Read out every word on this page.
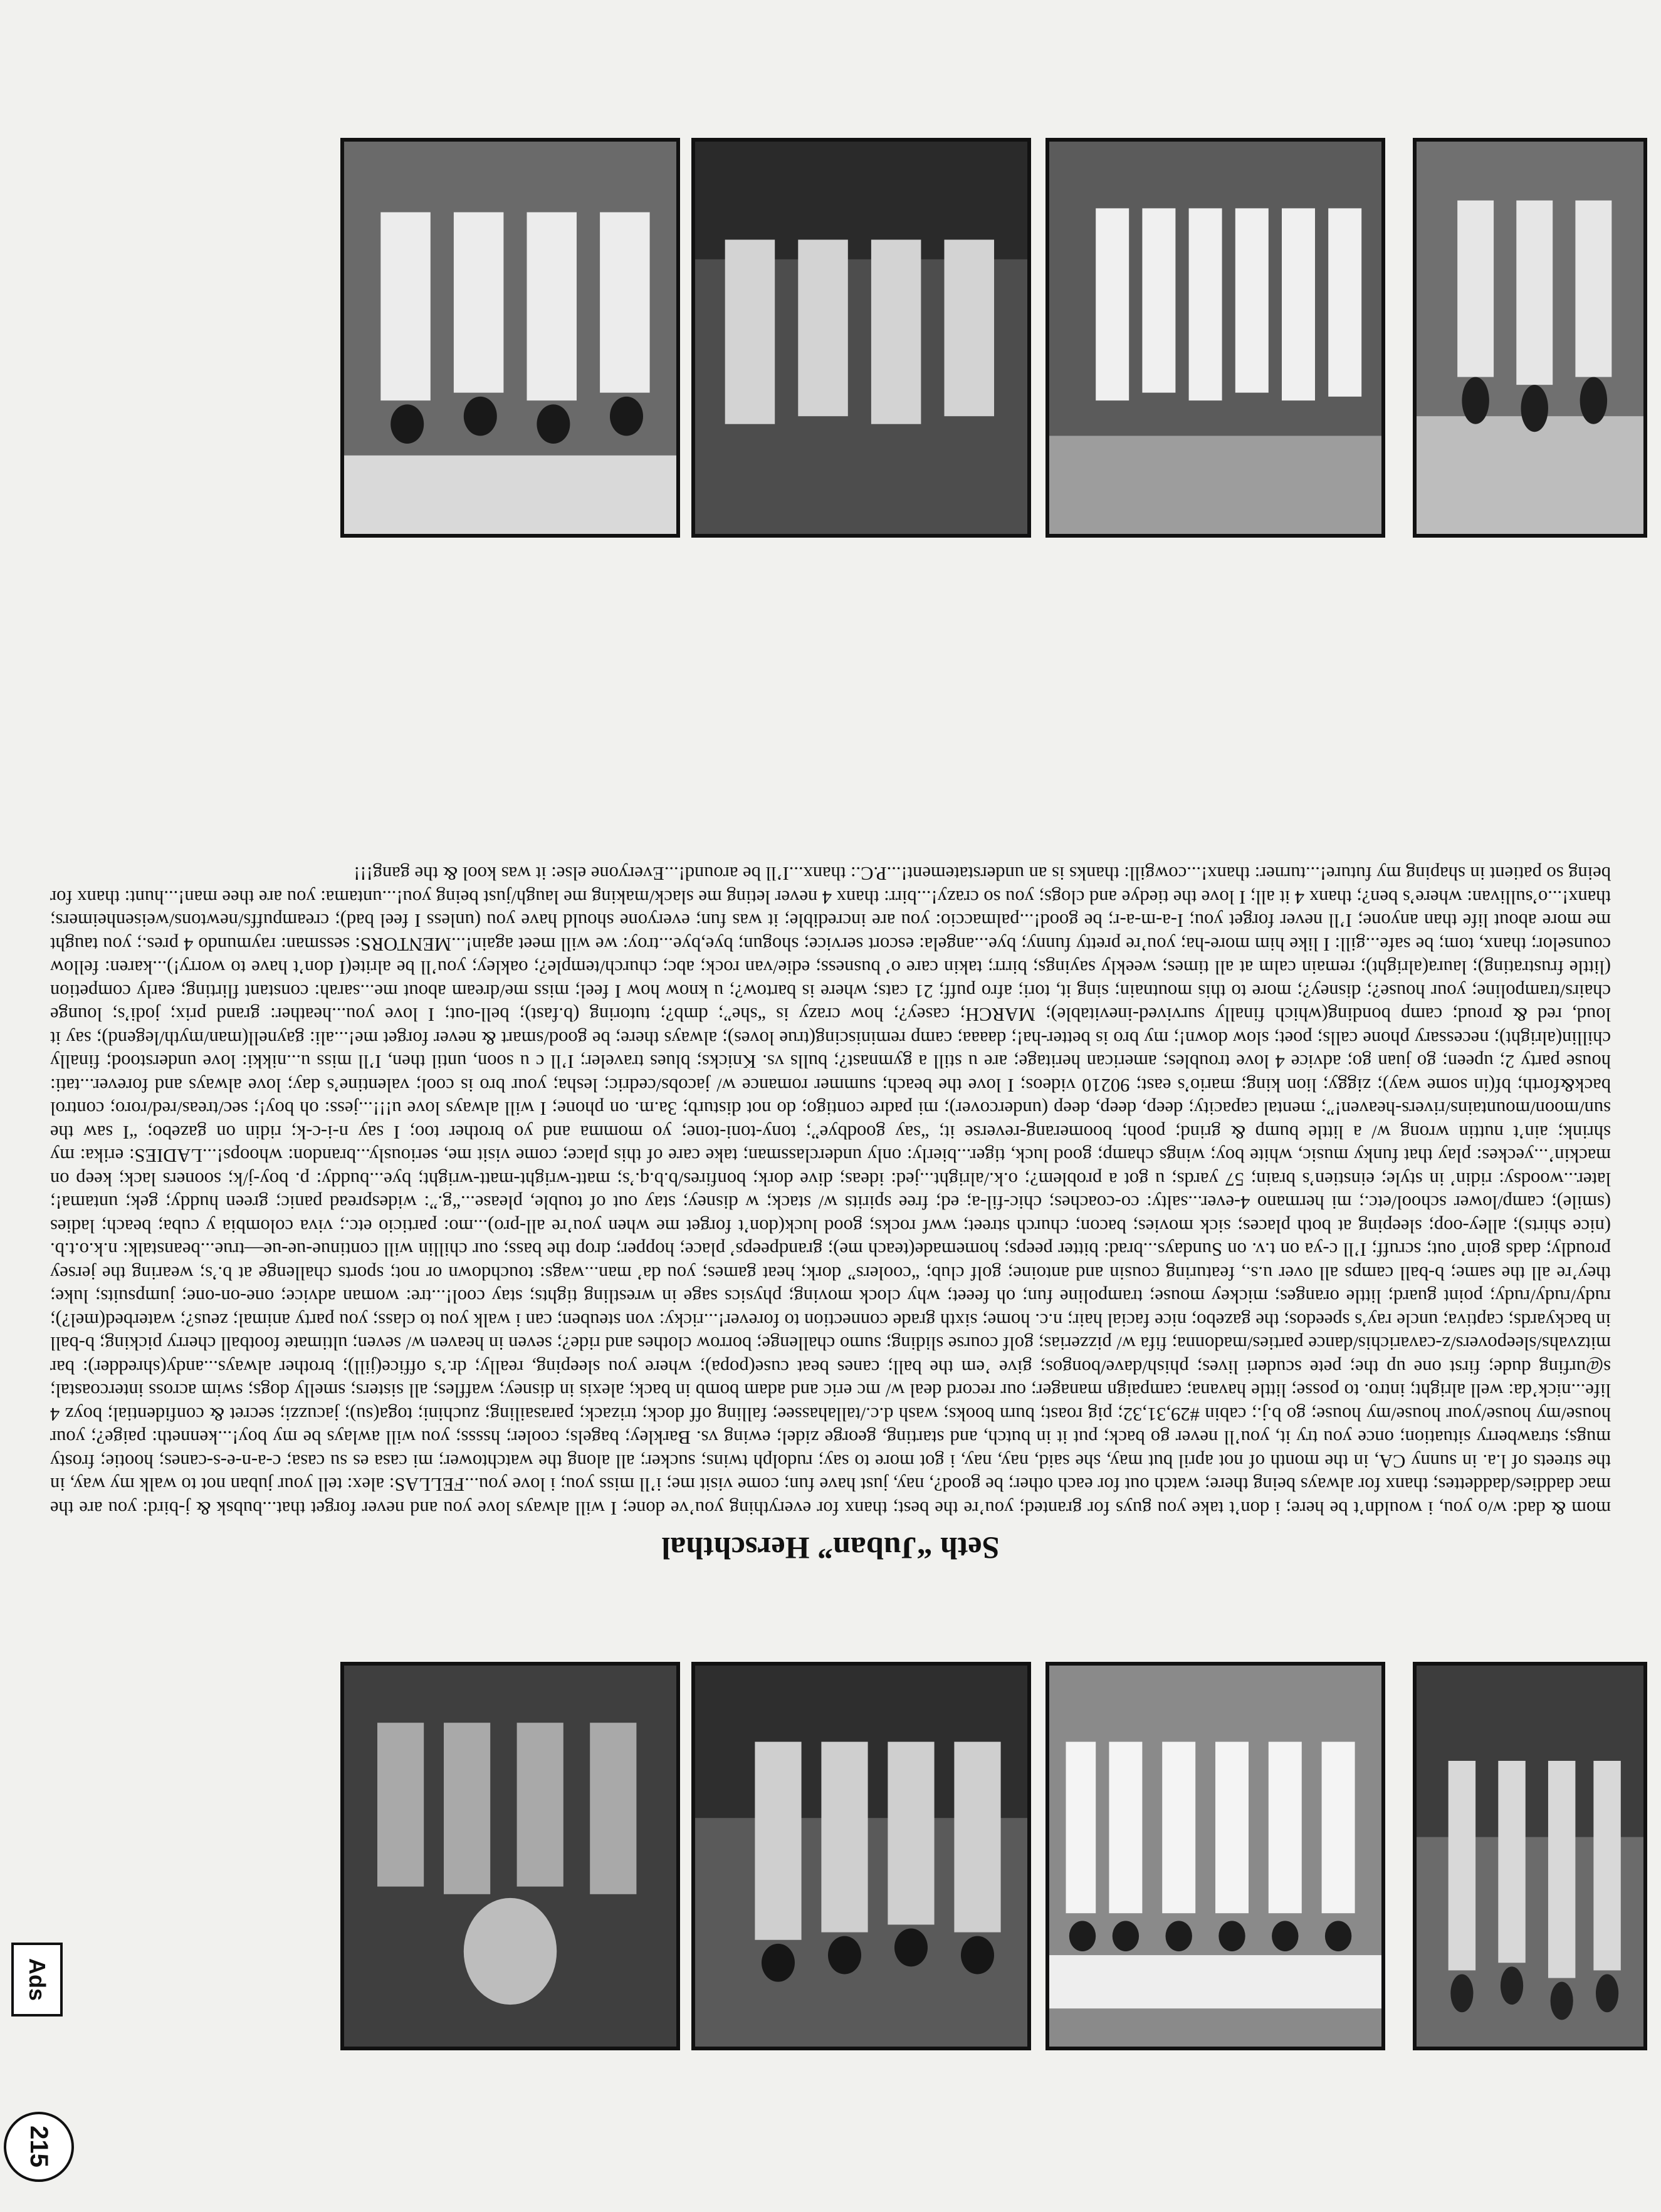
Seth “Juban” Herschthal
mom & dad: w/o you, i wouldn’t be here; i don’t take you guys for granted; you’re the best; thanx for everything you’ve done; I will always love you and never forget that...bubsk & j-bird: you are the mac daddies/daddettes; thanx for always being there; watch out for each other; be good?, nay, just have fun; come visit me; i’ll miss you; i love you...FELLAS: alex: tell your juban not to walk my way, in the streets of l.a. in sunny CA, in the month of not april but may, she said, nay, nay, i got more to say; rudolph twins; sucker; all along the watchtower; mi casa es su casa; c-a-n-e-s-canes; hootie; frosty mugs; strawberry situation; once you try it, you’ll never go back; put it in butch, and starting, george zidel; ewing vs. Barkley; bagels; cooler; hssss; you will awlays be my boy!...kenneth: paige?; your house/my house/your house/my house; go b.j.; cabin #29,31,32; pig roast; burn books; wash d.c./tallahassee; falling off dock; trizack; parasailing; zuchini; toga(su); jacuzzi; secret & confidential; boyz 4 life...nick’da: well alright; intro. to posse; little havana; campaign manager; our record deal w/ mc eric and adam bomb in back; alexis in disney; waffles; all sisters; smelly dogs; swim across intercoastal; s@urfing dude; first one up the; pete scuderi lives; phish/dave/bongos; give ’em the ball; canes beat cuse(popa); where you sleeping, really; dr.’s office(jill); brother always...andy(shredder): bar mitzvahs/sleepovers/z-cavarichis/dance parties/madonna; fifa w/ pizzerias; golf course sliding; sumo challenge; borrow clothes and ride?; seven in heaven w/ seven; ultimate football cherry picking; b-ball in backyards; captiva; uncle ray’s speedos; the gazebo; nice facial hair; n.c. home; sixth grade connection to forever!...ricky: von steuben; can i walk you to class; you party animal; zeus?; waterbed(mel?); rudy/rudy/rudy; point guard; little oranges; mickey mouse; trampoline fun; oh feeet; why clock moving; physics sage in wrestling tights; stay cool!...tre: woman advice; one-on-one; jumpsuits; luke; they’re all the same; b-ball camps all over u.s., featuring cousin and antoine; golf club; “coolers” dork; heat games; you da’ man...wags: touchdown or not; sports challenge at b.’s; wearing the jersey proudly; dads goin’ out; scruff; I’ll c-ya on t.v. on Sundays...brad: bitter peeps; homemade(teach me); grandpeeps’ place; hopper; drop the bass; our chillin will continue-ue-ue—true...beanstalk: n.k.o.t.b.(nice shirts); alley-oop; sleeping at both places; sick movies; bacon; church street; wwf rocks; good luck(don’t forget me when you’re all-pro)...mo: particio etc.; viva colombia y cuba; beach; ladies (smile); camp/lower school/etc.; mi hermano 4-ever...salty: co-coaches; chic-fil-a; ed; free spirits w/ stack; w disney; stay out of touble, please...“g.”: widespread panic; green huddy; gek; untama!; later...woodsy: ridin’ in style; einstien’s brain; 57 yards; u got a problem?; o.k./alright...jed: ideas; dive dork; bonfires/b.b.q.’s; matt-wright-matt-wright; bye...buddy: p. boy-j/k; sooners lack; keep on mackin’...yeckes: play that funky music, white boy; wings champ; good luck, tiger...bierly: only underclassman; take care of this place; come visit me, seriously...brandon: whoops!...LADIES: erika: my shrink; ain’t nuttin wrong w/ a little bump & grind; pooh; boomerang-reverse it; “say goodbye”; tony-toni-tone; yo momma and yo brother too; I say n-i-c-k; ridin on gazebo; “I saw the sun/moon/mountains/rivers-heaven!”; mental capacity; deep, deep, deep (undercover); mi padre contigo; do not disturb; 3a.m. on phone; I will always love u!!!...jess: oh boy!; sec/treas/red/roro; control back&forth; bf(in some way); ziggy; lion king; mario’s east; 90210 videos; I love the beach; summer romance w/ jacobs/cedric; lesha; your bro is cool; valentine’s day; love always and forever...tati: house party 2; upeen; go juan go; advice 4 love troubles; american heritage; are u still a gymnast?; bulls vs. Knicks; blues traveler; I’ll c u soon, until then, I’ll miss u...nikki: love understood; finally chillin(alright); necessary phone calls; poet; slow down!; my bro is better-ha!; daaaa; camp reminiscing(true loves); always there; be good/smart & never forget me!...ali: gaynell(man/myth/legend); say it loud, red & proud; camp bonding(which finally survived-inevitable); MARCH; casey?; how crazy is “she”; dmb?; tutoring (b.fast); bell-out; I love you...heather: grand prix; jodi’s; lounge chairs/trampoline; your house?; disney?; more to this moutnain; sing it, tori; afro puff; 21 cats; where is bartow?; u know how I feel; miss me/dream about me...sarah: constant flirting; early competion (little frustrating); laura(alright); remain calm at all times; weekly sayings; birrr; takin care o’ busness; edie/van rock; abc; church/temple?; oakley; you’ll be alrite(I don’t have to worry!)...karen: fellow counselor; thanx, tom; be safe...gill: I like him more-ha; you’re pretty funny; bye...angela: escort service; shogun; bye,bye...troy: we will meet again!...MENTORS: sessman: raymundo 4 pres.; you taught me more about life than anyone; I’ll never forget you; I-a-m-a-r; be good!...palmaccio: you are incredible; it was fun; everyone should have you (unless I feel bad); creampuffs/newtons/weisenheimers; thanx!...o’sullivan: where’s ben?; thanx 4 it all; I love the tiedye and clogs; you so crazy!...birr: thanx 4 never leting me slack/making me laugh/just being you!...untama: you are thee man!...hunt: thanx for being so patient in shaping my future!...turner: thanx!...cowgill: thanks is an understatement!...P.C.: thanx...I’ll be around!...Everyone else: it was kool & the gang!!!
215
Ads
